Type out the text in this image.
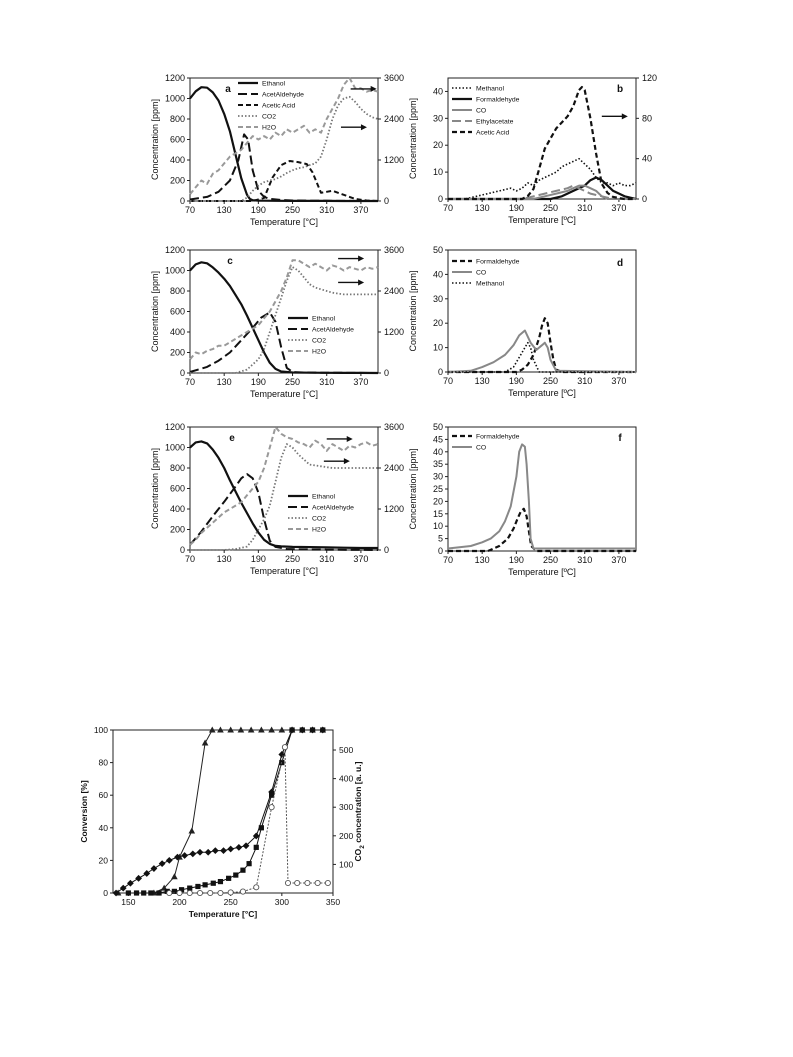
70 130 190 250 310 370
0
200
400
600
800
1000
1200
0
1200
2400
3600
Temperature [°C]
Concentration [ppm]
a	Ethanol
AcetAldehyde
Acetic Acid
CO2
H2O
70 130 190 250 310 370
0
10
20
30
40
0
40
80
120
Temperature [ºC]
Concentration [ppm]
b
Methanol
Formaldehyde
CO
Ethylacetate
Acetic Acid
70 130 190 250 310 370
0
200
400
600
800
1000
1200
0
1200
2400
3600
Temperature [°C]
Concentration [ppm]
c
Ethanol
AcetAldehyde
CO2
H2O
70 130 190 250 310 370
0
10
20
30
40
50
Temperature [ºC]
Concentration [ppm]
d
Formaldehyde
CO
Methanol
70 130 190 250 310 370
0
200
400
600
800
1000
1200
0
1200
2400
3600
Temperature [°C]
Concentration [ppm]
e
Ethanol
AcetAldehyde
CO2
H2O
70 130 190 250 310 370
0
5
10
15
20
25
30
35
40
45
50
Temperature [ºC]
Concentration [ppm]
f
Formaldehyde
CO
150	200	250	300	350
0
20
40
60
80
100
100
200
300
400
500
Temperature [°C]
Conversion [%]
$CO_2$ concentration [a. u.]
